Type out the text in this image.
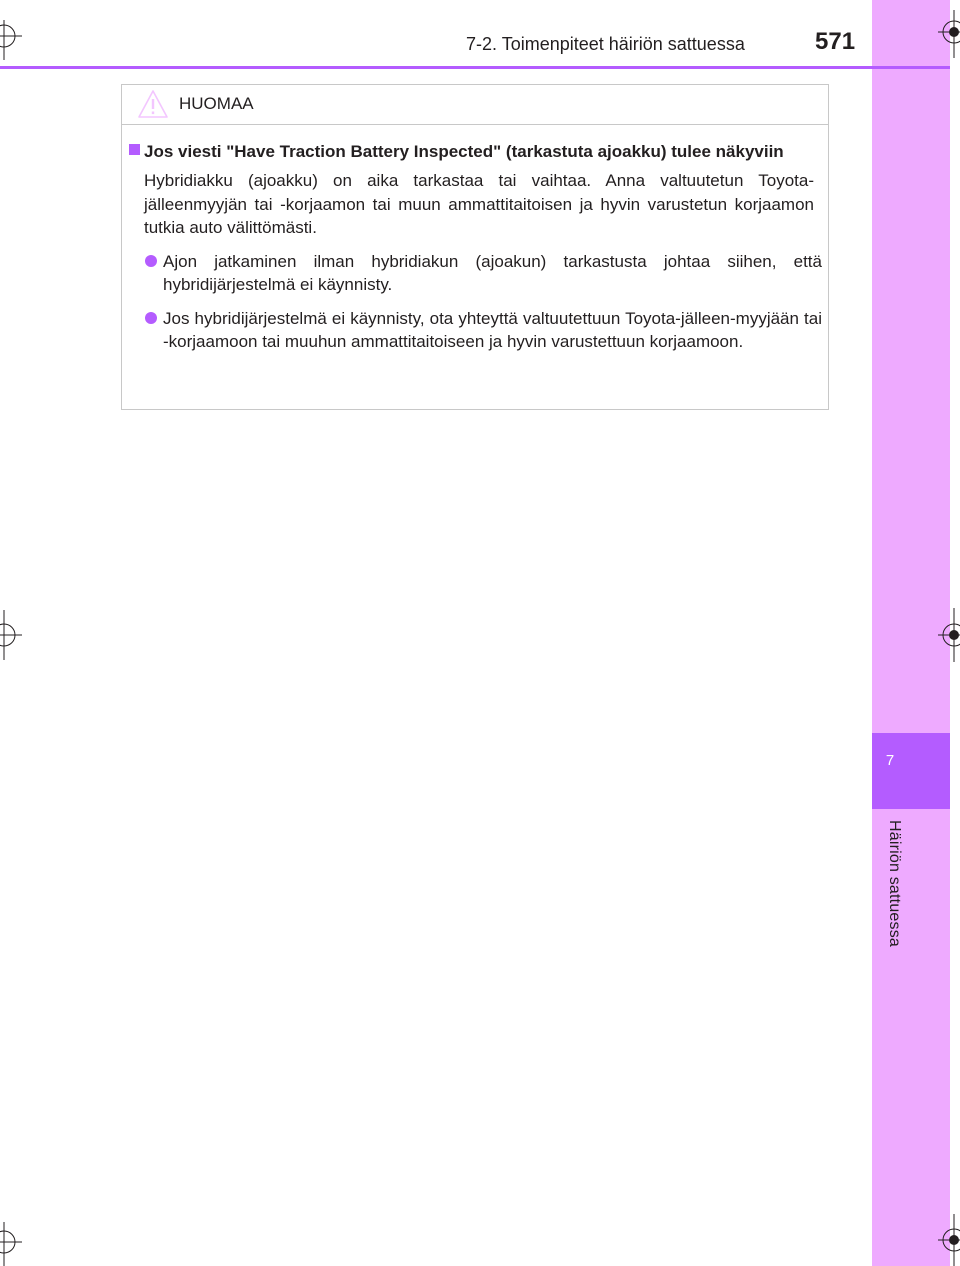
7
Häiriön sattuessa
7-2. Toimenpiteet häiriön sattuessa	571
HUOMAA

Jos viesti "Have Traction Battery Inspected" (tarkastuta ajoakku) tulee näkyviin

Hybridiakku (ajoakku) on aika tarkastaa tai vaihtaa. Anna valtuutetun Toyota-jälleenmyyjän tai -korjaamon tai muun ammattitaitoisen ja hyvin varustetun korjaamon tutkia auto välittömästi.

Ajon jatkaminen ilman hybridiakun (ajoakun) tarkastusta johtaa siihen, että hybridijärjestelmä ei käynnisty.

Jos hybridijärjestelmä ei käynnisty, ota yhteyttä valtuutettuun Toyota-jälleen-myyjään tai -korjaamoon tai muuhun ammattitaitoiseen ja hyvin varustettuun korjaamoon.
